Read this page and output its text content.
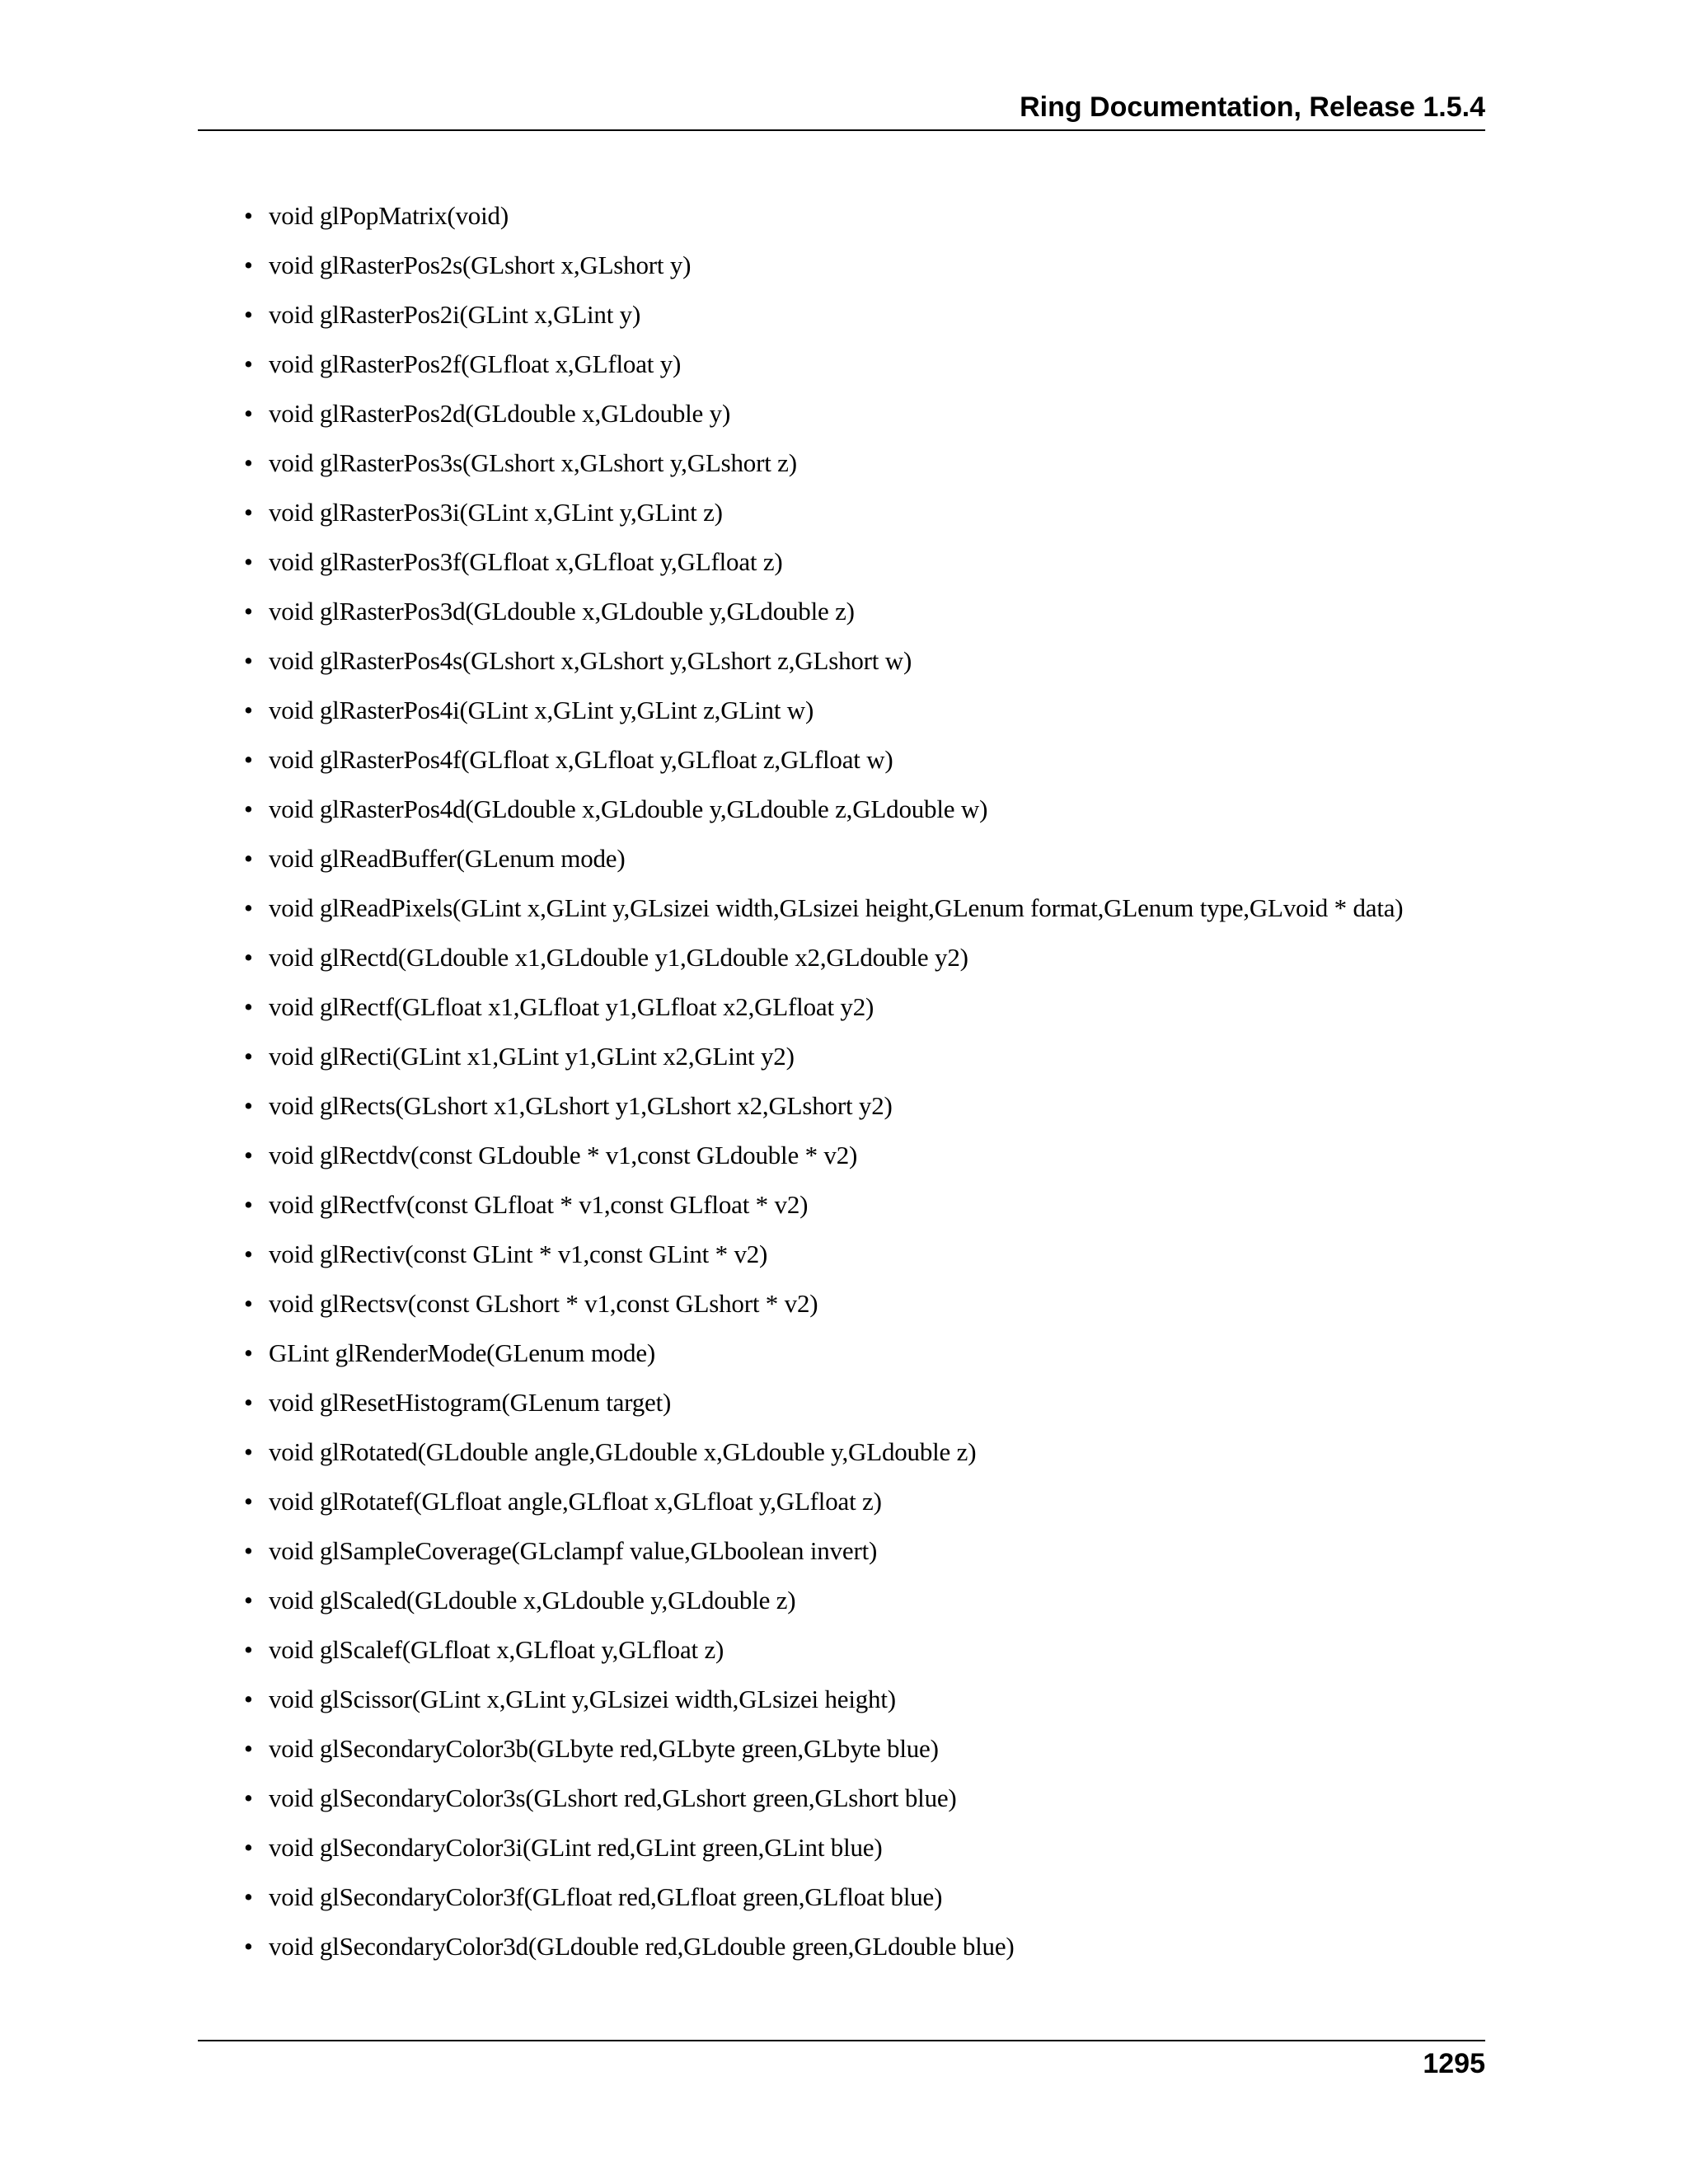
Ring Documentation, Release 1.5.4
• void glPopMatrix(void)
• void glRasterPos2s(GLshort x,GLshort y)
• void glRasterPos2i(GLint x,GLint y)
• void glRasterPos2f(GLfloat x,GLfloat y)
• void glRasterPos2d(GLdouble x,GLdouble y)
• void glRasterPos3s(GLshort x,GLshort y,GLshort z)
• void glRasterPos3i(GLint x,GLint y,GLint z)
• void glRasterPos3f(GLfloat x,GLfloat y,GLfloat z)
• void glRasterPos3d(GLdouble x,GLdouble y,GLdouble z)
• void glRasterPos4s(GLshort x,GLshort y,GLshort z,GLshort w)
• void glRasterPos4i(GLint x,GLint y,GLint z,GLint w)
• void glRasterPos4f(GLfloat x,GLfloat y,GLfloat z,GLfloat w)
• void glRasterPos4d(GLdouble x,GLdouble y,GLdouble z,GLdouble w)
• void glReadBuffer(GLenum mode)
• void glReadPixels(GLint x,GLint y,GLsizei width,GLsizei height,GLenum format,GLenum type,GLvoid * data)
• void glRectd(GLdouble x1,GLdouble y1,GLdouble x2,GLdouble y2)
• void glRectf(GLfloat x1,GLfloat y1,GLfloat x2,GLfloat y2)
• void glRecti(GLint x1,GLint y1,GLint x2,GLint y2)
• void glRects(GLshort x1,GLshort y1,GLshort x2,GLshort y2)
• void glRectdv(const GLdouble * v1,const GLdouble * v2)
• void glRectfv(const GLfloat * v1,const GLfloat * v2)
• void glRectiv(const GLint * v1,const GLint * v2)
• void glRectsv(const GLshort * v1,const GLshort * v2)
• GLint glRenderMode(GLenum mode)
• void glResetHistogram(GLenum target)
• void glRotated(GLdouble angle,GLdouble x,GLdouble y,GLdouble z)
• void glRotatef(GLfloat angle,GLfloat x,GLfloat y,GLfloat z)
• void glSampleCoverage(GLclampf value,GLboolean invert)
• void glScaled(GLdouble x,GLdouble y,GLdouble z)
• void glScalef(GLfloat x,GLfloat y,GLfloat z)
• void glScissor(GLint x,GLint y,GLsizei width,GLsizei height)
• void glSecondaryColor3b(GLbyte red,GLbyte green,GLbyte blue)
• void glSecondaryColor3s(GLshort red,GLshort green,GLshort blue)
• void glSecondaryColor3i(GLint red,GLint green,GLint blue)
• void glSecondaryColor3f(GLfloat red,GLfloat green,GLfloat blue)
• void glSecondaryColor3d(GLdouble red,GLdouble green,GLdouble blue)
1295
